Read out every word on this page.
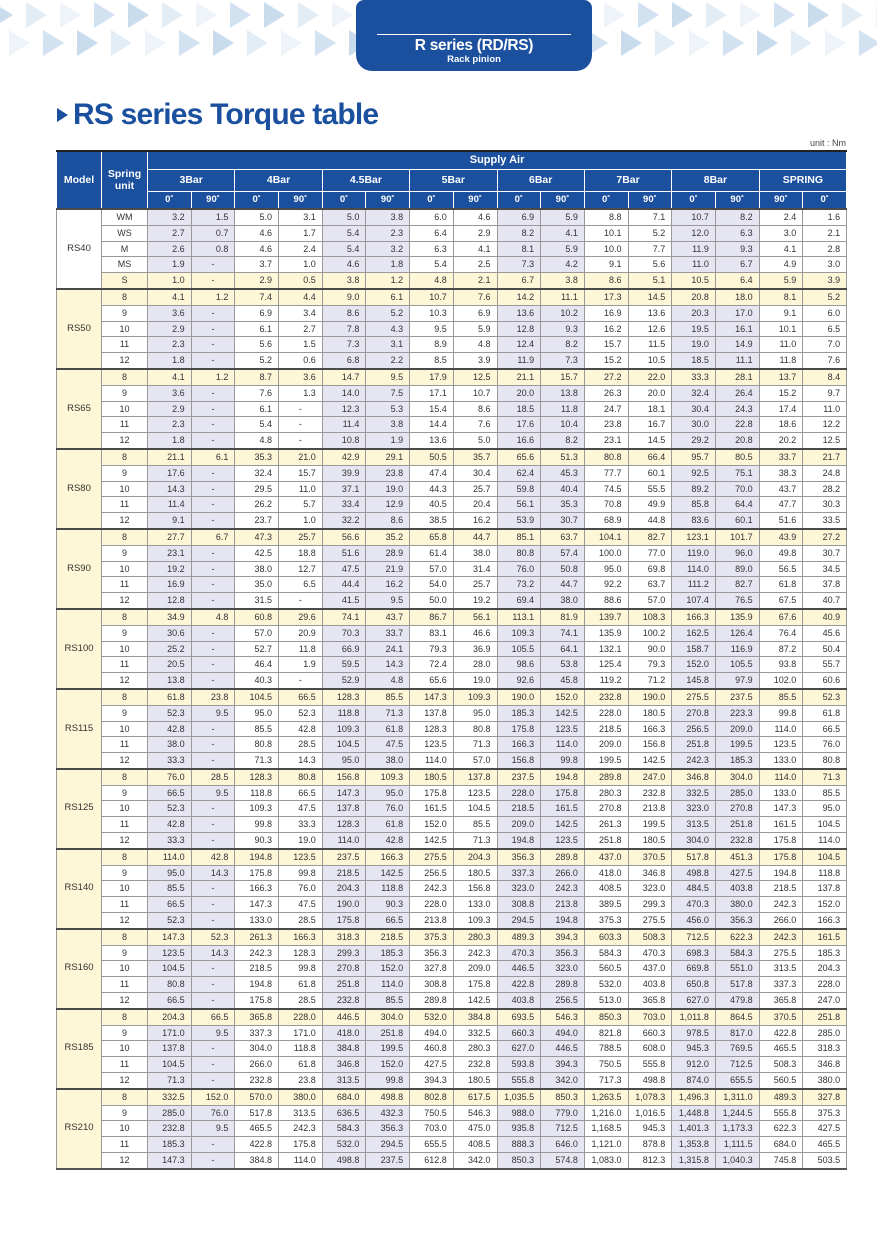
R series (RD/RS)
Rack pinion
RS series Torque table
unit : Nm
Model	Spring unit	Supply Air															
		3Bar		4Bar		4.5Bar		5Bar		6Bar		7Bar		8Bar		SPRING	
		0˚	90˚	0˚	90˚	0˚	90˚	0˚	90˚	0˚	90˚	0˚	90˚	0˚	90˚	90˚	0˚
RS40	WM	3.2	1.5	5.0	3.1	5.0	3.8	6.0	4.6	6.9	5.9	8.8	7.1	10.7	8.2	2.4	1.6
	WS	2.7	0.7	4.6	1.7	5.4	2.3	6.4	2.9	8.2	4.1	10.1	5.2	12.0	6.3	3.0	2.1
	M	2.6	0.8	4.6	2.4	5.4	3.2	6.3	4.1	8.1	5.9	10.0	7.7	11.9	9.3	4.1	2.8
	MS	1.9	-	3.7	1.0	4.6	1.8	5.4	2.5	7.3	4.2	9.1	5.6	11.0	6.7	4.9	3.0
	S	1.0	-	2.9	0.5	3.8	1.2	4.8	2.1	6.7	3.8	8.6	5.1	10.5	6.4	5.9	3.9
RS50	8	4.1	1.2	7.4	4.4	9.0	6.1	10.7	7.6	14.2	11.1	17.3	14.5	20.8	18.0	8.1	5.2
	9	3.6	-	6.9	3.4	8.6	5.2	10.3	6.9	13.6	10.2	16.9	13.6	20.3	17.0	9.1	6.0
	10	2.9	-	6.1	2.7	7.8	4.3	9.5	5.9	12.8	9.3	16.2	12.6	19.5	16.1	10.1	6.5
	11	2.3	-	5.6	1.5	7.3	3.1	8.9	4.8	12.4	8.2	15.7	11.5	19.0	14.9	11.0	7.0
	12	1.8	-	5.2	0.6	6.8	2.2	8.5	3.9	11.9	7.3	15.2	10.5	18.5	11.1	11.8	7.6
RS65	8	4.1	1.2	8.7	3.6	14.7	9.5	17.9	12.5	21.1	15.7	27.2	22.0	33.3	28.1	13.7	8.4
	9	3.6	-	7.6	1.3	14.0	7.5	17.1	10.7	20.0	13.8	26.3	20.0	32.4	26.4	15.2	9.7
	10	2.9	-	6.1	-	12.3	5.3	15.4	8.6	18.5	11.8	24.7	18.1	30.4	24.3	17.4	11.0
	11	2.3	-	5.4	-	11.4	3.8	14.4	7.6	17.6	10.4	23.8	16.7	30.0	22.8	18.6	12.2
	12	1.8	-	4.8	-	10.8	1.9	13.6	5.0	16.6	8.2	23.1	14.5	29.2	20.8	20.2	12.5
RS80	8	21.1	6.1	35.3	21.0	42.9	29.1	50.5	35.7	65.6	51.3	80.8	66.4	95.7	80.5	33.7	21.7
	9	17.6	-	32.4	15.7	39.9	23.8	47.4	30.4	62.4	45.3	77.7	60.1	92.5	75.1	38.3	24.8
	10	14.3	-	29.5	11.0	37.1	19.0	44.3	25.7	59.8	40.4	74.5	55.5	89.2	70.0	43.7	28.2
	11	11.4	-	26.2	5.7	33.4	12.9	40.5	20.4	56.1	35.3	70.8	49.9	85.8	64.4	47.7	30.3
	12	9.1	-	23.7	1.0	32.2	8.6	38.5	16.2	53.9	30.7	68.9	44.8	83.6	60.1	51.6	33.5
RS90	8	27.7	6.7	47.3	25.7	56.6	35.2	65.8	44.7	85.1	63.7	104.1	82.7	123.1	101.7	43.9	27.2
	9	23.1	-	42.5	18.8	51.6	28.9	61.4	38.0	80.8	57.4	100.0	77.0	119.0	96.0	49.8	30.7
	10	19.2	-	38.0	12.7	47.5	21.9	57.0	31.4	76.0	50.8	95.0	69.8	114.0	89.0	56.5	34.5
	11	16.9	-	35.0	6.5	44.4	16.2	54.0	25.7	73.2	44.7	92.2	63.7	111.2	82.7	61.8	37.8
	12	12.8	-	31.5	-	41.5	9.5	50.0	19.2	69.4	38.0	88.6	57.0	107.4	76.5	67.5	40.7
RS100	8	34.9	4.8	60.8	29.6	74.1	43.7	86.7	56.1	113.1	81.9	139.7	108.3	166.3	135.9	67.6	40.9
	9	30.6	-	57.0	20.9	70.3	33.7	83.1	46.6	109.3	74.1	135.9	100.2	162.5	126.4	76.4	45.6
	10	25.2	-	52.7	11.8	66.9	24.1	79.3	36.9	105.5	64.1	132.1	90.0	158.7	116.9	87.2	50.4
	11	20.5	-	46.4	1.9	59.5	14.3	72.4	28.0	98.6	53.8	125.4	79.3	152.0	105.5	93.8	55.7
	12	13.8	-	40.3	-	52.9	4.8	65.6	19.0	92.6	45.8	119.2	71.2	145.8	97.9	102.0	60.6
RS115	8	61.8	23.8	104.5	66.5	128.3	85.5	147.3	109.3	190.0	152.0	232.8	190.0	275.5	237.5	85.5	52.3
	9	52.3	9.5	95.0	52.3	118.8	71.3	137.8	95.0	185.3	142.5	228.0	180.5	270.8	223.3	99.8	61.8
	10	42.8	-	85.5	42.8	109.3	61.8	128.3	80.8	175.8	123.5	218.5	166.3	256.5	209.0	114.0	66.5
	11	38.0	-	80.8	28.5	104.5	47.5	123.5	71.3	166.3	114.0	209.0	156.8	251.8	199.5	123.5	76.0
	12	33.3	-	71.3	14.3	95.0	38.0	114.0	57.0	156.8	99.8	199.5	142.5	242.3	185.3	133.0	80.8
RS125	8	76.0	28.5	128.3	80.8	156.8	109.3	180.5	137.8	237.5	194.8	289.8	247.0	346.8	304.0	114.0	71.3
	9	66.5	9.5	118.8	66.5	147.3	95.0	175.8	123.5	228.0	175.8	280.3	232.8	332.5	285.0	133.0	85.5
	10	52.3	-	109.3	47.5	137.8	76.0	161.5	104.5	218.5	161.5	270.8	213.8	323.0	270.8	147.3	95.0
	11	42.8	-	99.8	33.3	128.3	61.8	152.0	85.5	209.0	142.5	261.3	199.5	313.5	251.8	161.5	104.5
	12	33.3	-	90.3	19.0	114.0	42.8	142.5	71.3	194.8	123.5	251.8	180.5	304.0	232.8	175.8	114.0
RS140	8	114.0	42.8	194.8	123.5	237.5	166.3	275.5	204.3	356.3	289.8	437.0	370.5	517.8	451.3	175.8	104.5
	9	95.0	14.3	175.8	99.8	218.5	142.5	256.5	180.5	337.3	266.0	418.0	346.8	498.8	427.5	194.8	118.8
	10	85.5	-	166.3	76.0	204.3	118.8	242.3	156.8	323.0	242.3	408.5	323.0	484.5	403.8	218.5	137.8
	11	66.5	-	147.3	47.5	190.0	90.3	228.0	133.0	308.8	213.8	389.5	299.3	470.3	380.0	242.3	152.0
	12	52.3	-	133.0	28.5	175.8	66.5	213.8	109.3	294.5	194.8	375.3	275.5	456.0	356.3	266.0	166.3
RS160	8	147.3	52.3	261.3	166.3	318.3	218.5	375.3	280.3	489.3	394.3	603.3	508.3	712.5	622.3	242.3	161.5
	9	123.5	14.3	242.3	128.3	299.3	185.3	356.3	242.3	470.3	356.3	584.3	470.3	698.3	584.3	275.5	185.3
	10	104.5	-	218.5	99.8	270.8	152.0	327.8	209.0	446.5	323.0	560.5	437.0	669.8	551.0	313.5	204.3
	11	80.8	-	194.8	61.8	251.8	114.0	308.8	175.8	422.8	289.8	532.0	403.8	650.8	517.8	337.3	228.0
	12	66.5	-	175.8	28.5	232.8	85.5	289.8	142.5	403.8	256.5	513.0	365.8	627.0	479.8	365.8	247.0
RS185	8	204.3	66.5	365.8	228.0	446.5	304.0	532.0	384.8	693.5	546.3	850.3	703.0	1,011.8	864.5	370.5	251.8
	9	171.0	9.5	337.3	171.0	418.0	251.8	494.0	332.5	660.3	494.0	821.8	660.3	978.5	817.0	422.8	285.0
	10	137.8	-	304.0	118.8	384.8	199.5	460.8	280.3	627.0	446.5	788.5	608.0	945.3	769.5	465.5	318.3
	11	104.5	-	266.0	61.8	346.8	152.0	427.5	232.8	593.8	394.3	750.5	555.8	912.0	712.5	508.3	346.8
	12	71.3	-	232.8	23.8	313.5	99.8	394.3	180.5	555.8	342.0	717.3	498.8	874.0	655.5	560.5	380.0
RS210	8	332.5	152.0	570.0	380.0	684.0	498.8	802.8	617.5	1,035.5	850.3	1,263.5	1,078.3	1,496.3	1,311.0	489.3	327.8
	9	285.0	76.0	517.8	313.5	636.5	432.3	750.5	546.3	988.0	779.0	1,216.0	1,016.5	1,448.8	1,244.5	555.8	375.3
	10	232.8	9.5	465.5	242.3	584.3	356.3	703.0	475.0	935.8	712.5	1,168.5	945.3	1,401.3	1,173.3	622.3	427.5
	11	185.3	-	422.8	175.8	532.0	294.5	655.5	408.5	888.3	646.0	1,121.0	878.8	1,353.8	1,111.5	684.0	465.5
	12	147.3	-	384.8	114.0	498.8	237.5	612.8	342.0	850.3	574.8	1,083.0	812.3	1,315.8	1,040.3	745.8	503.5
